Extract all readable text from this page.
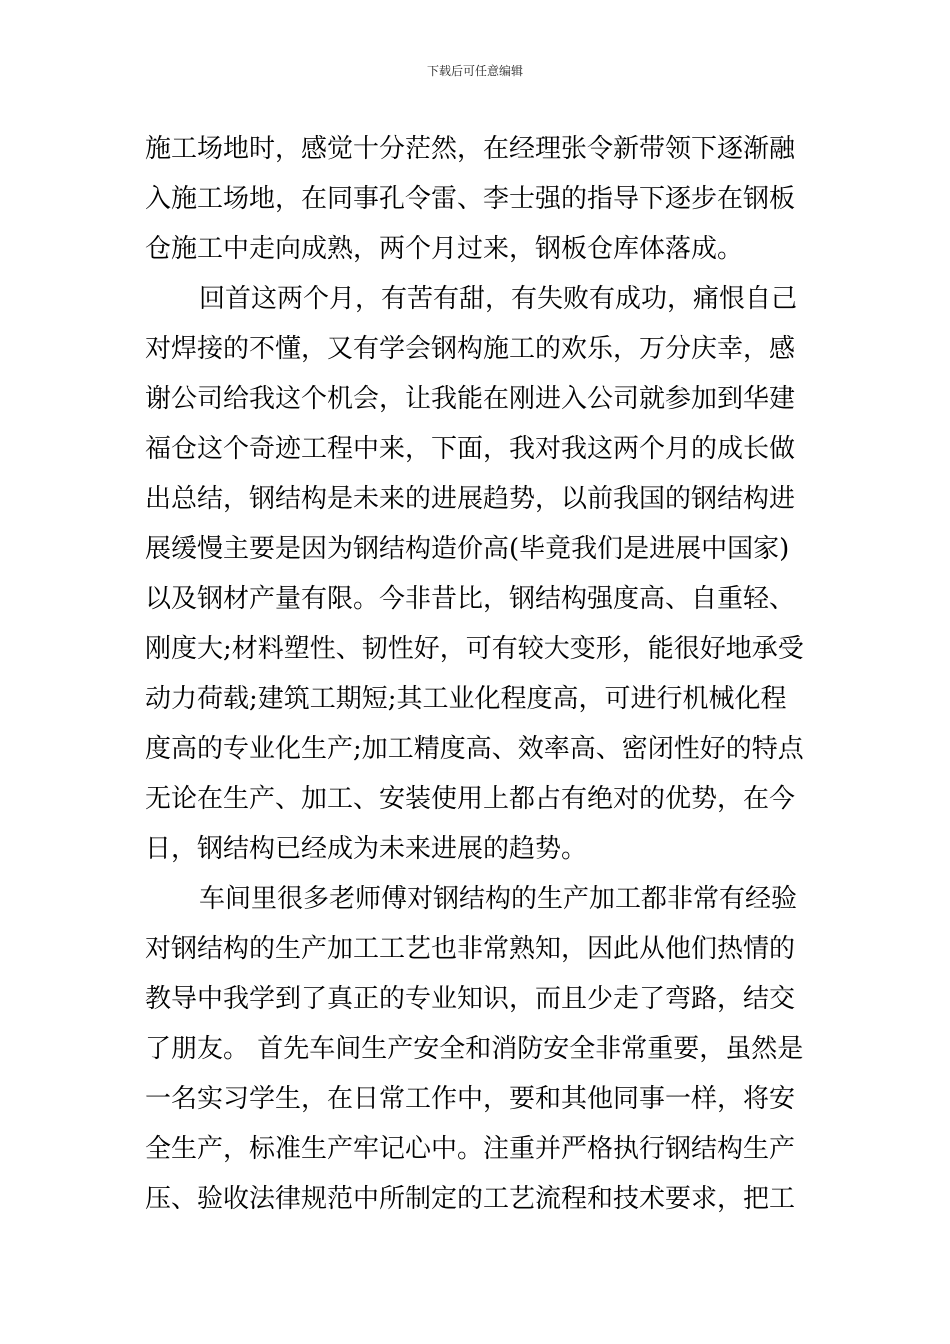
下载后可任意编辑
施工场地时，感觉十分茫然，在经理张令新带领下逐渐融
入施工场地，在同事孔令雷、李士强的指导下逐步在钢板
仓施工中走向成熟，两个月过来，钢板仓库体落成。
回首这两个月，有苦有甜，有失败有成功，痛恨自己
对焊接的不懂，又有学会钢构施工的欢乐，万分庆幸，感
谢公司给我这个机会，让我能在刚进入公司就参加到华建
福仓这个奇迹工程中来，下面，我对我这两个月的成长做
出总结，钢结构是未来的进展趋势，以前我国的钢结构进
展缓慢主要是因为钢结构造价高(毕竟我们是进展中国家)
以及钢材产量有限。今非昔比，钢结构强度高、自重轻、
刚度大;材料塑性、韧性好，可有较大变形，能很好地承受
动力荷载;建筑工期短;其工业化程度高，可进行机械化程
度高的专业化生产;加工精度高、效率高、密闭性好的特点
无论在生产、加工、安装使用上都占有绝对的优势，在今
日，钢结构已经成为未来进展的趋势。
车间里很多老师傅对钢结构的生产加工都非常有经验
对钢结构的生产加工工艺也非常熟知，因此从他们热情的
教导中我学到了真正的专业知识，而且少走了弯路，结交
了朋友。 首先车间生产安全和消防安全非常重要，虽然是
一名实习学生，在日常工作中，要和其他同事一样，将安
全生产，标准生产牢记心中。注重并严格执行钢结构生产
压、验收法律规范中所制定的工艺流程和技术要求，把工
